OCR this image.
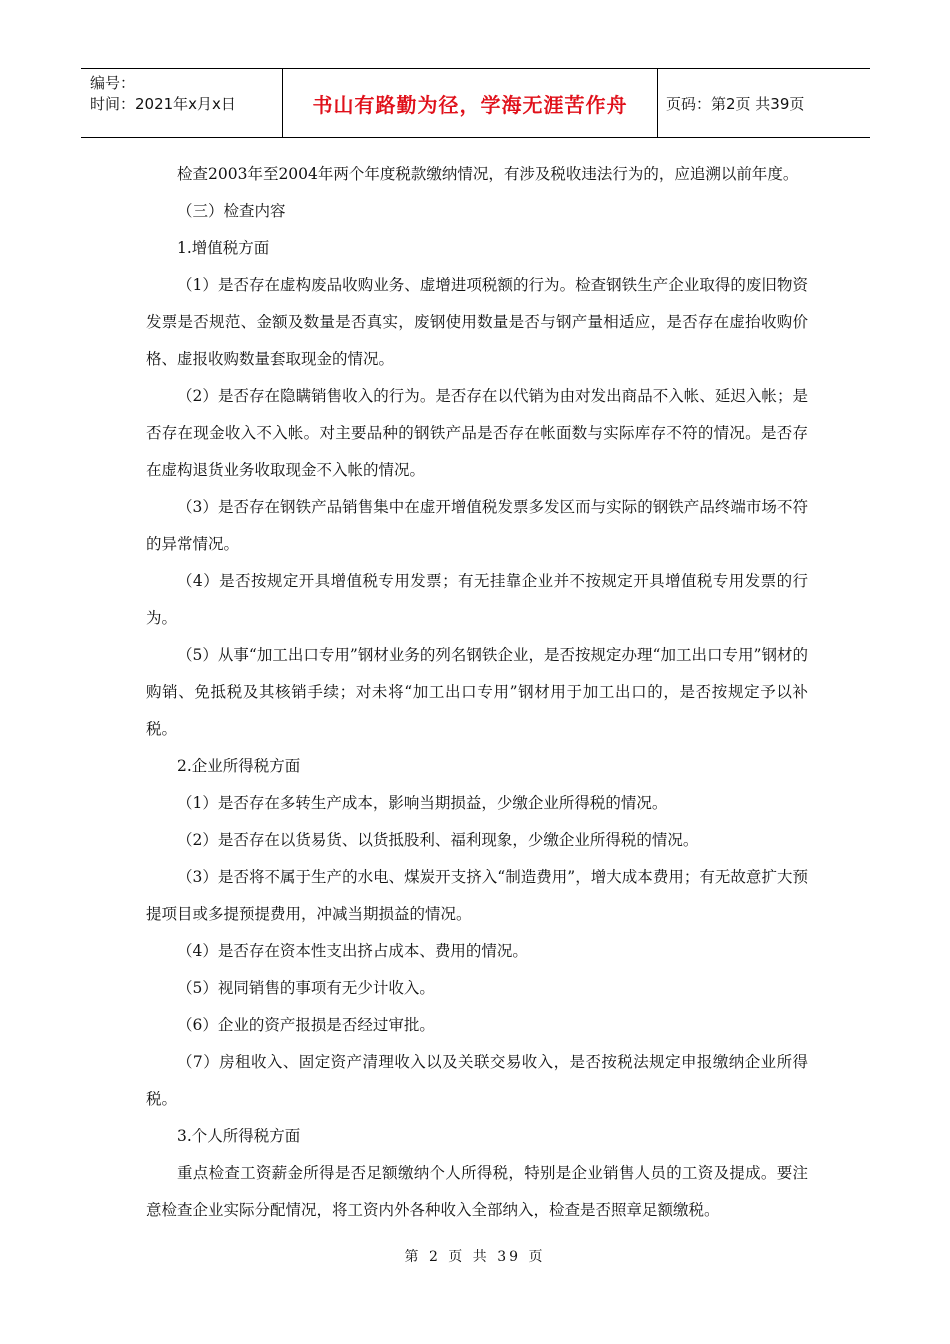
编号：
时间：2021年x月x日	书山有路勤为径，学海无涯苦作舟	页码：第2页 共39页

检查2003年至2004年两个年度税款缴纳情况，有涉及税收违法行为的，应追溯以前年度。

（三）检查内容

1.增值税方面

（1）是否存在虚构废品收购业务、虚增进项税额的行为。检查钢铁生产企业取得的废旧物资发票是否规范、金额及数量是否真实，废钢使用数量是否与钢产量相适应，是否存在虚抬收购价格、虚报收购数量套取现金的情况。

（2）是否存在隐瞒销售收入的行为。是否存在以代销为由对发出商品不入帐、延迟入帐；是否存在现金收入不入帐。对主要品种的钢铁产品是否存在帐面数与实际库存不符的情况。是否存在虚构退货业务收取现金不入帐的情况。

（3）是否存在钢铁产品销售集中在虚开增值税发票多发区而与实际的钢铁产品终端市场不符的异常情况。

（4）是否按规定开具增值税专用发票；有无挂靠企业并不按规定开具增值税专用发票的行为。

（5）从事“加工出口专用”钢材业务的列名钢铁企业，是否按规定办理“加工出口专用”钢材的购销、免抵税及其核销手续；对未将“加工出口专用”钢材用于加工出口的，是否按规定予以补税。

2.企业所得税方面

（1）是否存在多转生产成本，影响当期损益，少缴企业所得税的情况。

（2）是否存在以货易货、以货抵股利、福利现象，少缴企业所得税的情况。

（3）是否将不属于生产的水电、煤炭开支挤入“制造费用”，增大成本费用；有无故意扩大预提项目或多提预提费用，冲减当期损益的情况。

（4）是否存在资本性支出挤占成本、费用的情况。

（5）视同销售的事项有无少计收入。

（6）企业的资产报损是否经过审批。

（7）房租收入、固定资产清理收入以及关联交易收入，是否按税法规定申报缴纳企业所得税。

3.个人所得税方面

重点检查工资薪金所得是否足额缴纳个人所得税，特别是企业销售人员的工资及提成。要注意检查企业实际分配情况，将工资内外各种收入全部纳入，检查是否照章足额缴税。

第 2 页 共 39 页
